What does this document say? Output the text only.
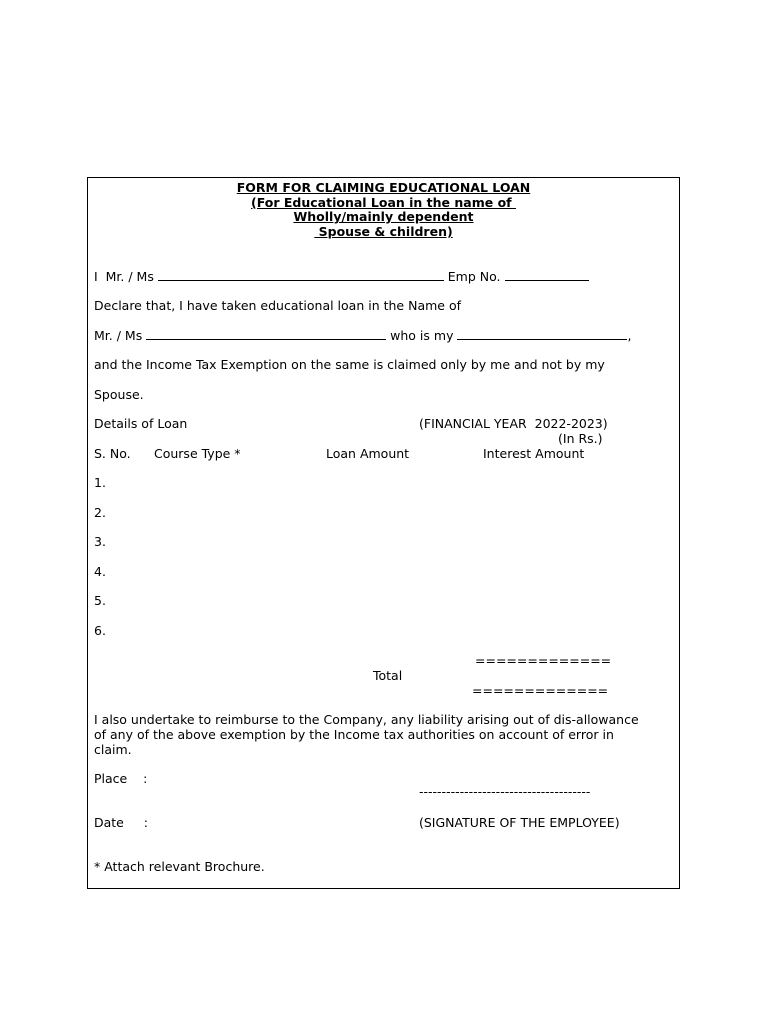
FORM FOR CLAIMING EDUCATIONAL LOAN
(For Educational Loan in the name of
Wholly/mainly dependent
Spouse & children)
I  Mr. / Ms	Emp No.
Declare that, I have taken educational loan in the Name of
Mr. / Ms	who is my	,
and the Income Tax Exemption on the same is claimed only by me and not by my
Spouse.
Details of Loan	(FINANCIAL YEAR  2022-2023)
(In Rs.)
S. No. Course Type *	Loan Amount	Interest Amount
1.
2.
3.
4.
5.
6.
=============
Total
=============
I also undertake to reimburse to the Company, any liability arising out of dis-allowance
of any of the above exemption by the Income tax authorities on account of error in
claim.
Place    :
--------------------------------------
Date     :	(SIGNATURE OF THE EMPLOYEE)
* Attach relevant Brochure.
